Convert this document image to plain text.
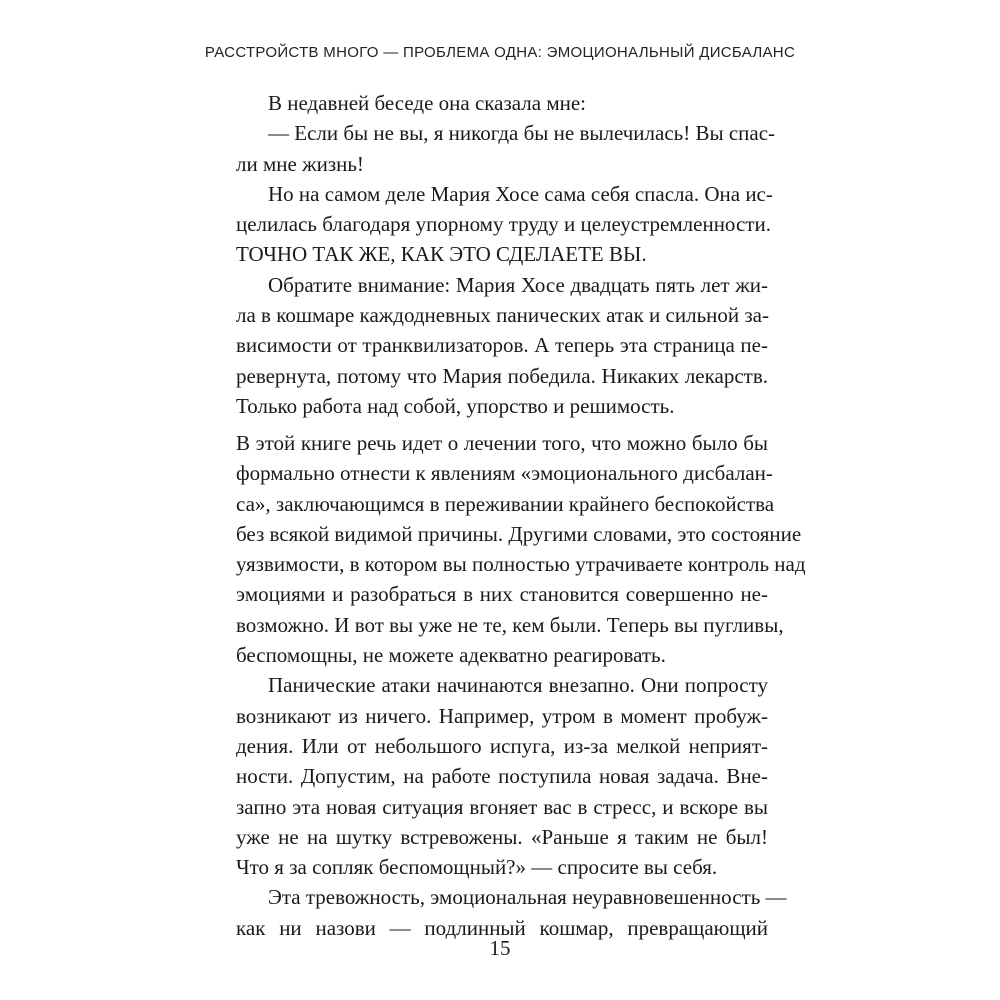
РАССТРОЙСТВ МНОГО — ПРОБЛЕМА ОДНА: ЭМОЦИОНАЛЬНЫЙ ДИСБАЛАНС
В недавней беседе она сказала мне:
— Если бы не вы, я никогда бы не вылечилась! Вы спас-
ли мне жизнь!
Но на самом деле Мария Хосе сама себя спасла. Она ис-
целилась благодаря упорному труду и целеустремленности.
ТОЧНО ТАК ЖЕ, КАК ЭТО СДЕЛАЕТЕ ВЫ.
Обратите внимание: Мария Хосе двадцать пять лет жи-
ла в кошмаре каждодневных панических атак и сильной за-
висимости от транквилизаторов. А теперь эта страница пе-
ревернута, потому что Мария победила. Никаких лекарств.
Только работа над собой, упорство и решимость.
В этой книге речь идет о лечении того, что можно было бы
формально отнести к явлениям «эмоционального дисбалан-
са», заключающимся в переживании крайнего беспокойства
без всякой видимой причины. Другими словами, это состояние
уязвимости, в котором вы полностью утрачиваете контроль над
эмоциями и разобраться в них становится совершенно не-
возможно. И вот вы уже не те, кем были. Теперь вы пугливы,
беспомощны, не можете адекватно реагировать.
Панические атаки начинаются внезапно. Они попросту
возникают из ничего. Например, утром в момент пробуж-
дения. Или от небольшого испуга, из-за мелкой неприят-
ности. Допустим, на работе поступила новая задача. Вне-
запно эта новая ситуация вгоняет вас в стресс, и вскоре вы
уже не на шутку встревожены. «Раньше я таким не был!
Что я за сопляк беспомощный?» — спросите вы себя.
Эта тревожность, эмоциональная неуравновешенность —
как ни назови — подлинный кошмар, превращающий
15
